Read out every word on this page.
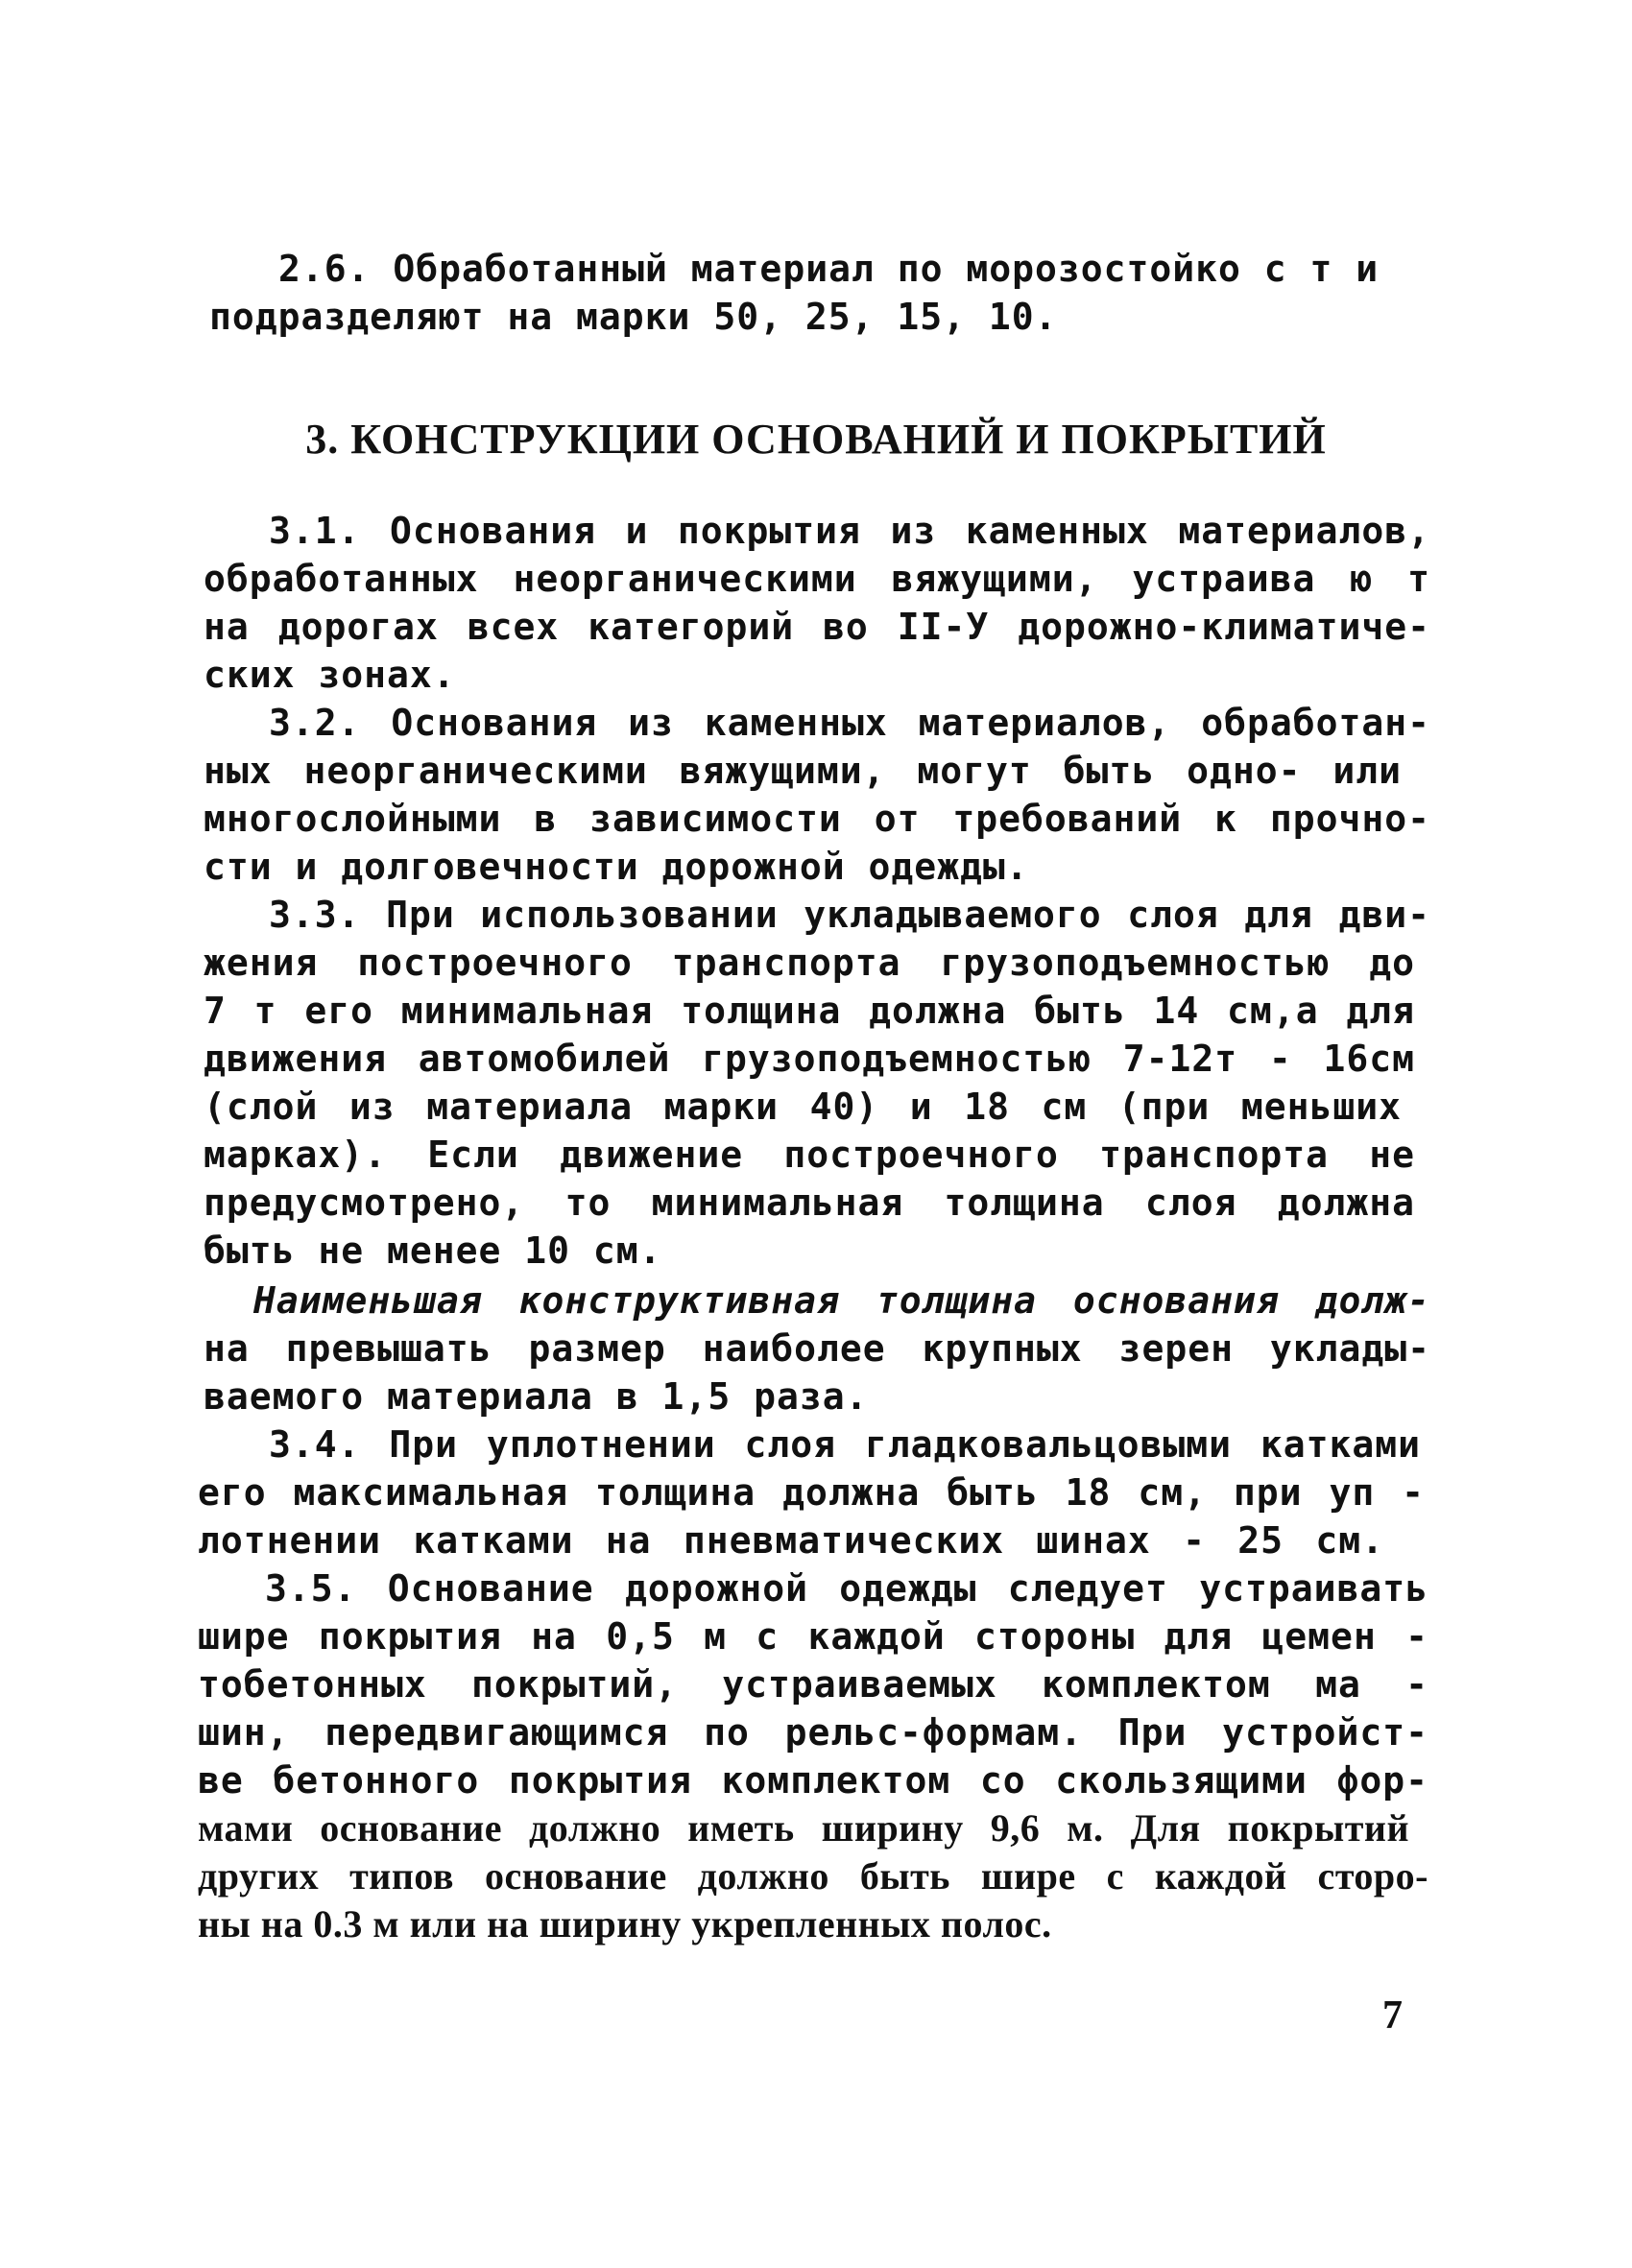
2.6. Обработанный материал по морозостойко с т и
подразделяют на марки 50, 25, 15, 10.
3. КОНСТРУКЦИИ ОСНОВАНИЙ И ПОКРЫТИЙ
3.1. Основания и покрытия из каменных материалов,
обработанных неорганическими вяжущими, устраива ю т
на дорогах всех категорий во II-У дорожно-климатиче-
ских зонах.
3.2. Основания из каменных материалов, обработан-
ных неорганическими вяжущими, могут быть одно- или
многослойными в зависимости от требований к прочно-
сти и долговечности дорожной одежды.
3.3. При использовании укладываемого слоя для дви-
жения построечного транспорта грузоподъемностью до
7 т его минимальная толщина должна быть 14 см,а для
движения автомобилей грузоподъемностью 7-12т - 16см
(слой из материала марки 40) и 18 см (при меньших
марках). Если движение построечного транспорта не
предусмотрено, то минимальная толщина слоя должна
быть не менее 10 см.
Наименьшая конструктивная толщина основания долж-
на превышать размер наиболее крупных зерен уклады-
ваемого материала в 1,5 раза.
3.4. При уплотнении слоя гладковальцовыми катками
его максимальная толщина должна быть 18 см, при уп -
лотнении катками на пневматических шинах - 25 см.
3.5. Основание дорожной одежды следует устраивать
шире покрытия на 0,5 м с каждой стороны для цемен -
тобетонных покрытий, устраиваемых комплектом ма -
шин, передвигающимся по рельс-формам. При устройст-
ве бетонного покрытия комплектом со скользящими фор-
мами основание должно иметь ширину 9,6 м. Для покрытий
других типов основание должно быть шире с каждой сторо-
ны на 0.3 м или на ширину укрепленных полос.
7
